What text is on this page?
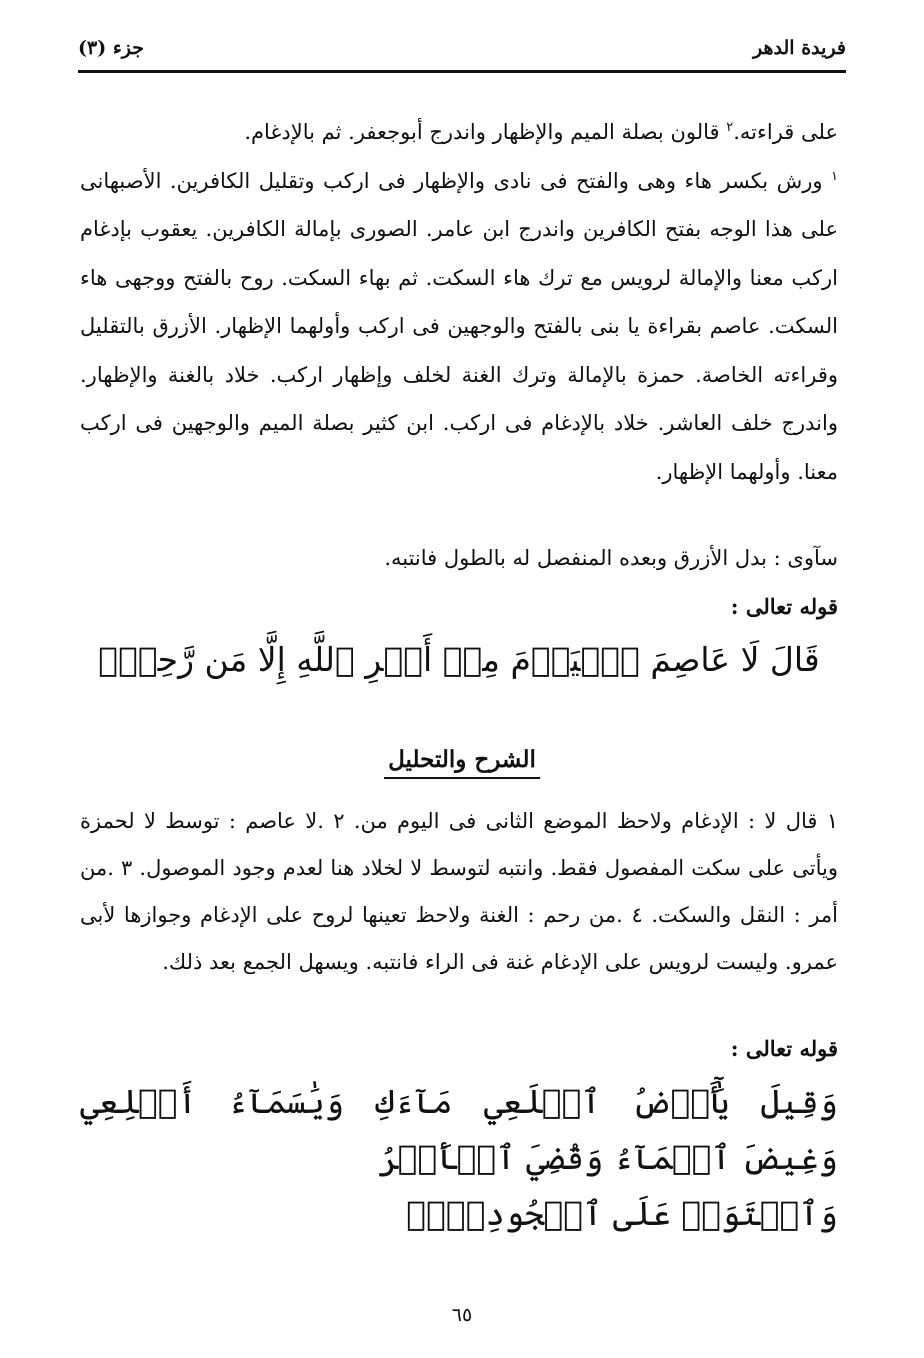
فريدة الدهر
جزء (٣)

على قراءته.$^٢$ قالون بصلة الميم والإظهار واندرج أبوجعفر. ثم بالإدغام.

$^١$ ورش بكسر هاء وهى والفتح فى نادى والإظهار فى اركب وتقليل الكافرين. الأصبهانى على هذا الوجه بفتح الكافرين واندرج ابن عامر. الصورى بإمالة الكافرين. يعقوب بإدغام اركب معنا والإمالة لرويس مع ترك هاء السكت. ثم بهاء السكت. روح بالفتح ووجهى هاء السكت. عاصم بقراءة يا بنى بالفتح والوجهين فى اركب وأولهما الإظهار. الأزرق بالتقليل وقراءته الخاصة. حمزة بالإمالة وترك الغنة لخلف وإظهار اركب. خلاد بالغنة والإظهار. واندرج خلف العاشر. خلاد بالإدغام فى اركب. ابن كثير بصلة الميم والوجهين فى اركب معنا. وأولهما الإظهار.

سآوى : بدل الأزرق وبعده المنفصل له بالطول فانتبه.
قوله تعالى :
قَالَ لَا عَاصِمَ ٱلۡيَوۡمَ مِنۡ أَمۡرِ ٱللَّهِ إِلَّا مَن رَّحِمَۚ
الشرح والتحليل
١ قال لا : الإدغام ولاحظ الموضع الثانى فى اليوم من. ٢ .لا عاصم : توسط لا لحمزة ويأتى على سكت المفصول فقط. وانتبه لتوسط لا لخلاد هنا لعدم وجود الموصول. ٣ .من أمر : النقل والسكت. ٤ .من رحم : الغنة ولاحظ تعينها لروح على الإدغام وجوازها لأبى عمرو. وليست لرويس على الإدغام غنة فى الراء فانتبه. ويسهل الجمع بعد ذلك.
قوله تعالى :
وَقِيلَ يَٰٓأَرۡضُ ٱبۡلَعِي مَآءَكِ وَيَٰسَمَآءُ أَقۡلِعِي وَغِيضَ ٱلۡمَآءُ وَقُضِيَ ٱلۡأَمۡرُ
وَٱسۡتَوَتۡ عَلَى ٱلۡجُودِيِّۖ
٦٥
